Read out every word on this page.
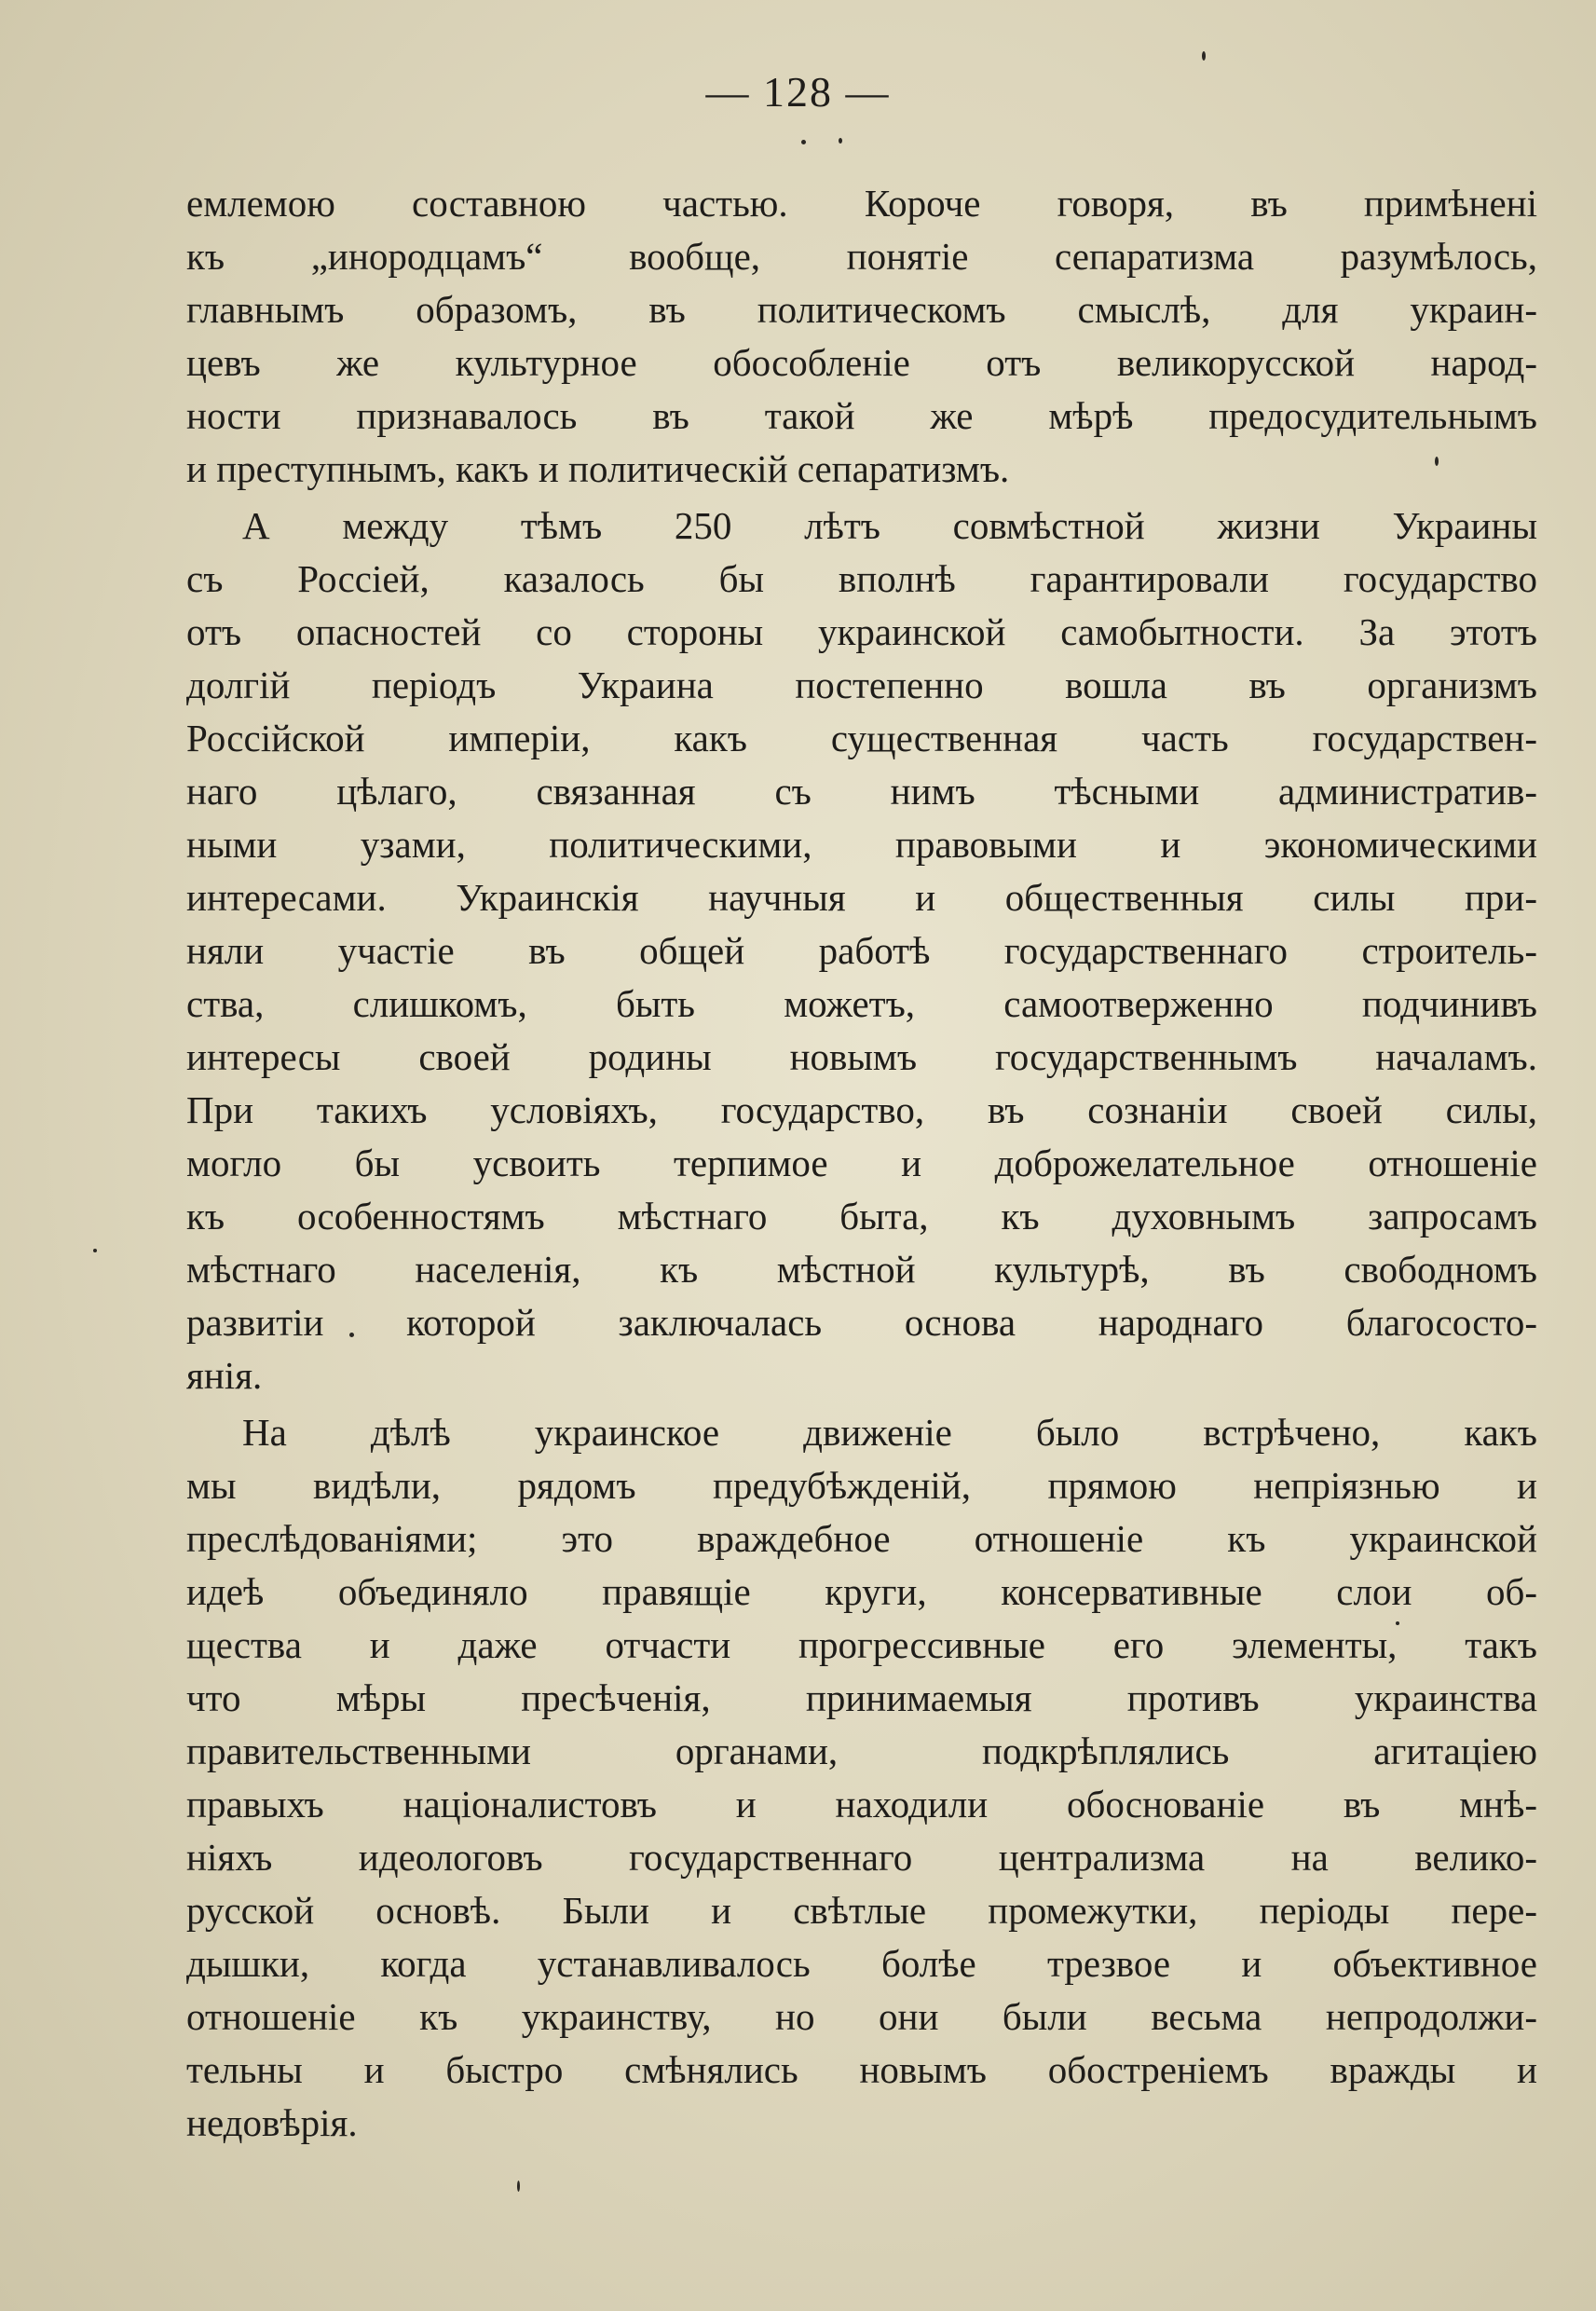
— 128 —
емлемою составною частью. Короче говоря, въ примѣнені
къ „инородцамъ“ вообще, понятіе сепаратизма разумѣлось,
главнымъ образомъ, въ политическомъ смыслѣ, для украин-
цевъ же культурное обособленіе отъ великорусской народ-
ности признавалось въ такой же мѣрѣ предосудительнымъ
и преступнымъ, какъ и политическій сепаратизмъ.
А между тѣмъ 250 лѣтъ совмѣстной жизни Украины
съ Россіей, казалось бы вполнѣ гарантировали государство
отъ опасностей со стороны украинской самобытности. За этотъ
долгій періодъ Украина постепенно вошла въ организмъ
Россійской имперіи, какъ существенная часть государствен-
наго цѣлаго, связанная съ нимъ тѣсными административ-
ными узами, политическими, правовыми и экономическими
интересами. Украинскія научныя и общественныя силы при-
няли участіе въ общей работѣ государственнаго строитель-
ства, слишкомъ, быть можетъ, самоотверженно подчинивъ
интересы своей родины новымъ государственнымъ началамъ.
При такихъ условіяхъ, государство, въ сознаніи своей силы,
могло бы усвоить терпимое и доброжелательное отношеніе
къ особенностямъ мѣстнаго быта, къ духовнымъ запросамъ
мѣстнаго населенія, къ мѣстной культурѣ, въ свободномъ
развитіи которой заключалась основа народнаго благососто-
янія.
На дѣлѣ украинское движеніе было встрѣчено, какъ
мы видѣли, рядомъ предубѣжденій, прямою непріязнью и
преслѣдованіями; это враждебное отношеніе къ украинской
идеѣ объединяло правящіе круги, консервативные слои об-
щества и даже отчасти прогрессивные его элементы, такъ
что мѣры пресѣченія, принимаемыя противъ украинства
правительственными органами, подкрѣплялись агитаціею
правыхъ націоналистовъ и находили обоснованіе въ мнѣ-
ніяхъ идеологовъ государственнаго централизма на велико-
русской основѣ. Были и свѣтлые промежутки, періоды пере-
дышки, когда устанавливалось болѣе трезвое и объективное
отношеніе къ украинству, но они были весьма непродолжи-
тельны и быстро смѣнялись новымъ обостреніемъ вражды и
недовѣрія.
